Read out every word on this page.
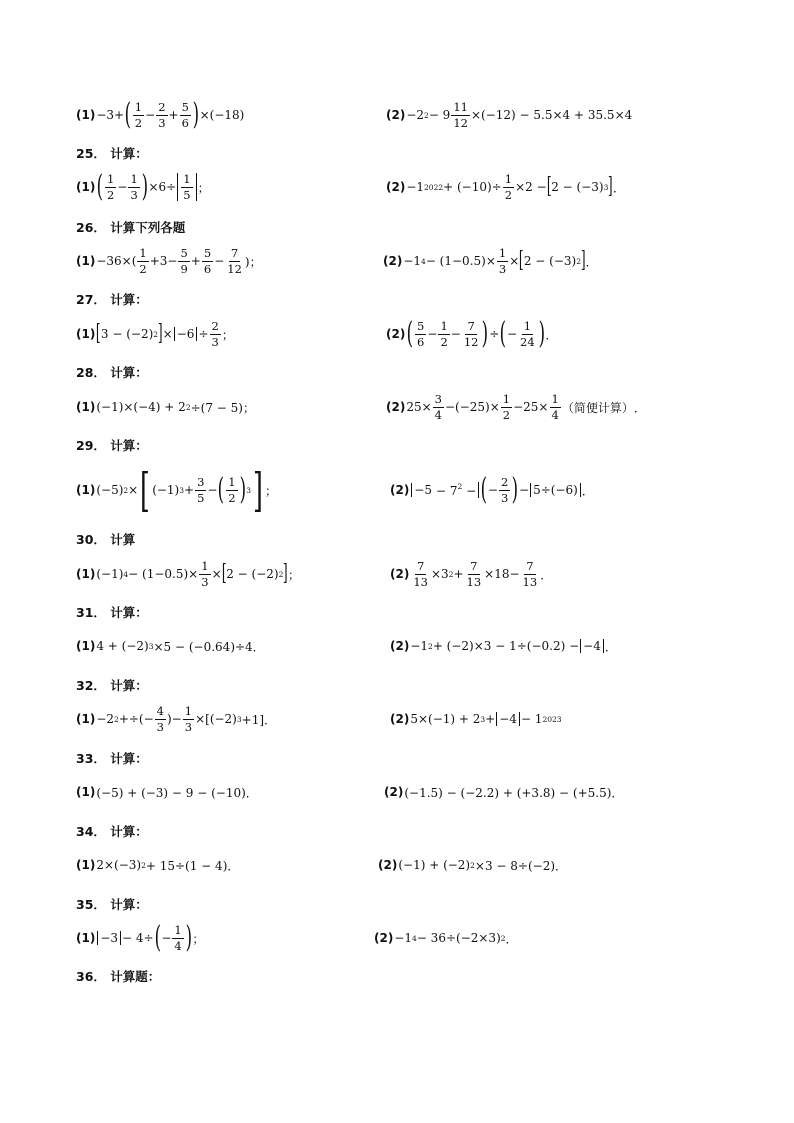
(1) −3+ ( $\frac{1}{2} - \frac{2}{3} + \frac{5}{6}$ ) ×(−18)	(2) −2 $2 - 9 \frac{11}{12} \times(-12) - 5.5\times 4 + 35.5\times 4$
25． 计算：
(1) ( $\frac{1}{2} - \frac{1}{3}$ ) $\times 6\div \frac{1}{5}$ ；	(2) −1 $2022 + (-10)\div \frac{1}{2} \times 2$ − [ 2 − (−3) 3 ] ．
26． 计算下列各题
$(1) -36\times( \frac{1}{2} +3- \frac{5}{9} + \frac{5}{6} - \frac{7}{12}$ )；	(2) −1 $4 - (1-0.5)\times \frac{1}{3}$ × [ 2 − (−3) 2 ] ．
27． 计算：
(1) [ 3 − (−2) 2 ] × $-6 \div \frac{2}{3}$ ；	(2) ( $\frac{5}{6} - \frac{1}{2} - \frac{7}{12}$ ) ÷ ( − $\frac{1}{24}$ ) ．
28． 计算：
(1) (−1)×(−4) + 2 2 ÷(7 − 5)；	(2) $25\times \frac{3}{4} -(-25)\times \frac{1}{2} -25\times \frac{1}{4}$ （简便计算） ．
29． 计算：
(1) (−5) 2 × [ (−1) $3 + \frac{3}{5}$ − ( $\frac{1}{2}$ ) 3 ] ；	$(2) -5 - 7^2$ − ( − $\frac{2}{3}$ ) − 5÷(−6) ．
30． 计算
(1) (−1) $4 - (1-0.5)\times \frac{1}{3}$ × [ 2 − (−2) 2 ] ；	$(2) \frac{7}{13} \times 3$ $2 + \frac{7}{13} \times 18- \frac{7}{13}$ ．
31． 计算：
(1) 4 + (−2) 3 ×5 − (−0.64)÷4．	(2) −1 2 + (−2)×3 − 1÷(−0.2) − −4 ．
32． 计算：
(1) −2 2 +÷(− $\frac{4}{3}$ )− $\frac{1}{3} \times[(-2)$ 3 +1]．	(2) 5×(−1) + 2 3 + −4 − 1 2023
33． 计算：
(1) (−5) + (−3) − 9 − (−10)．	(2) (−1.5) − (−2.2) + (+3.8) − (+5.5)．
34． 计算：
(1) 2×(−3) 2 + 15÷(1 − 4)．	(2) (−1) + (−2) 2 ×3 − 8÷(−2)．
35． 计算：
(1) −3 − 4÷ ( − $\frac{1}{4}$ ) ；	(2) −1 4 − 36÷(−2×3) 2 ．
36． 计算题：
